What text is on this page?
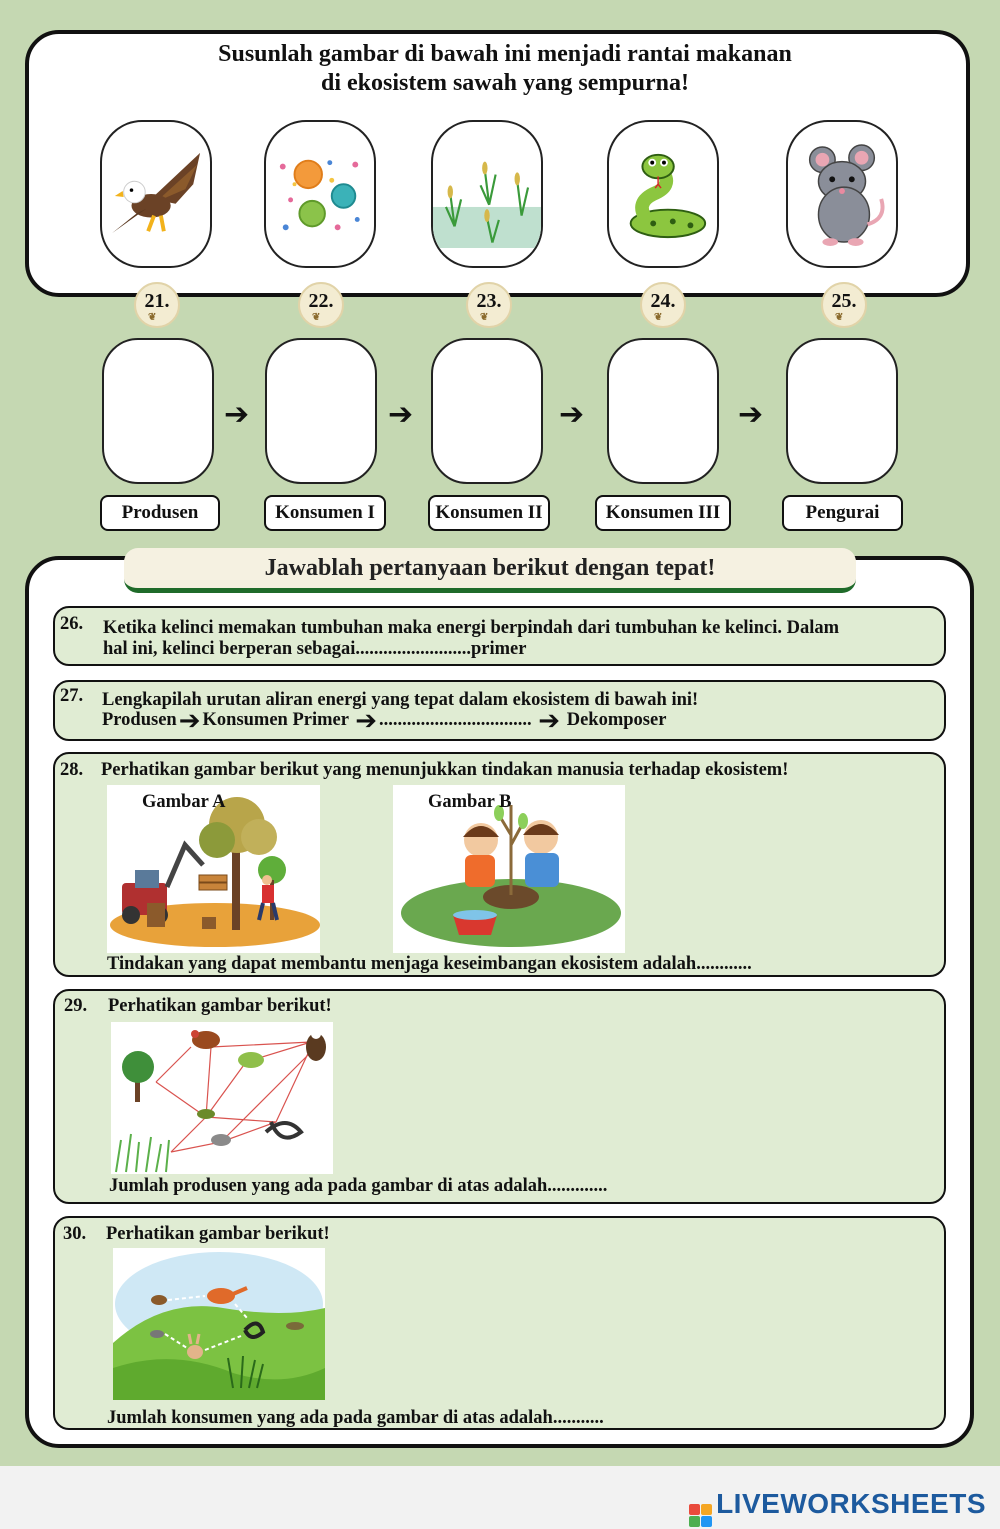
Susunlah gambar di bawah ini menjadi rantai makanan
di ekosistem sawah yang sempurna!
21.
❦
22.
❦
23.
❦
24.
❦
25.
❦
➔	➔	➔	➔
Produsen	Konsumen I	Konsumen II	Konsumen III	Pengurai
Jawablah pertanyaan berikut dengan tepat!
26. Ketika kelinci memakan tumbuhan maka energi berpindah dari tumbuhan ke kelinci. Dalam
hal ini, kelinci berperan sebagai.........................primer
27. Lengkapilah urutan aliran energi yang tepat dalam ekosistem di bawah ini!
Produsen➔ Konsumen Primer ➔ ................................. ➔ Dekomposer
28. Perhatikan gambar berikut yang menunjukkan tindakan manusia terhadap ekosistem!
Gambar A	Gambar B
Tindakan yang dapat membantu menjaga keseimbangan ekosistem adalah............
29. Perhatikan gambar berikut!
Jumlah produsen yang ada pada gambar di atas adalah.............
30. Perhatikan gambar berikut!
Jumlah konsumen yang ada pada gambar di atas adalah...........
LIVEWORKSHEETS
